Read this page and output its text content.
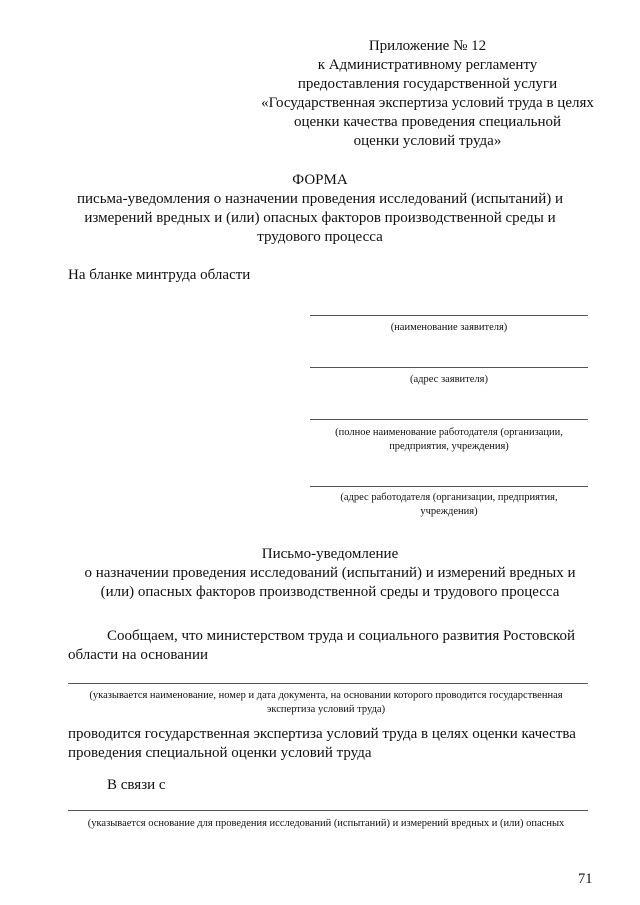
Приложение № 12
к Административному регламенту
предоставления государственной услуги
«Государственная экспертиза условий труда в целях
оценки качества проведения специальной
оценки условий труда»
ФОРМА
письма-уведомления о назначении проведения исследований (испытаний) и
измерений вредных и (или) опасных факторов производственной среды и
трудового процесса
На бланке минтруда области
(наименование заявителя)
(адрес заявителя)
(полное наименование работодателя (организации,
предприятия, учреждения)
(адрес работодателя (организации, предприятия,
учреждения)
Письмо-уведомление
о назначении проведения исследований (испытаний) и измерений вредных и
(или) опасных факторов производственной среды и трудового процесса
Сообщаем, что министерством труда и социального развития Ростовской
области на основании
(указывается наименование, номер и дата документа, на основании которого проводится государственная
экспертиза условий труда)
проводится государственная экспертиза условий труда в целях оценки качества
проведения специальной оценки условий труда
В связи с
(указывается основание для проведения исследований (испытаний) и измерений вредных и (или) опасных
71
